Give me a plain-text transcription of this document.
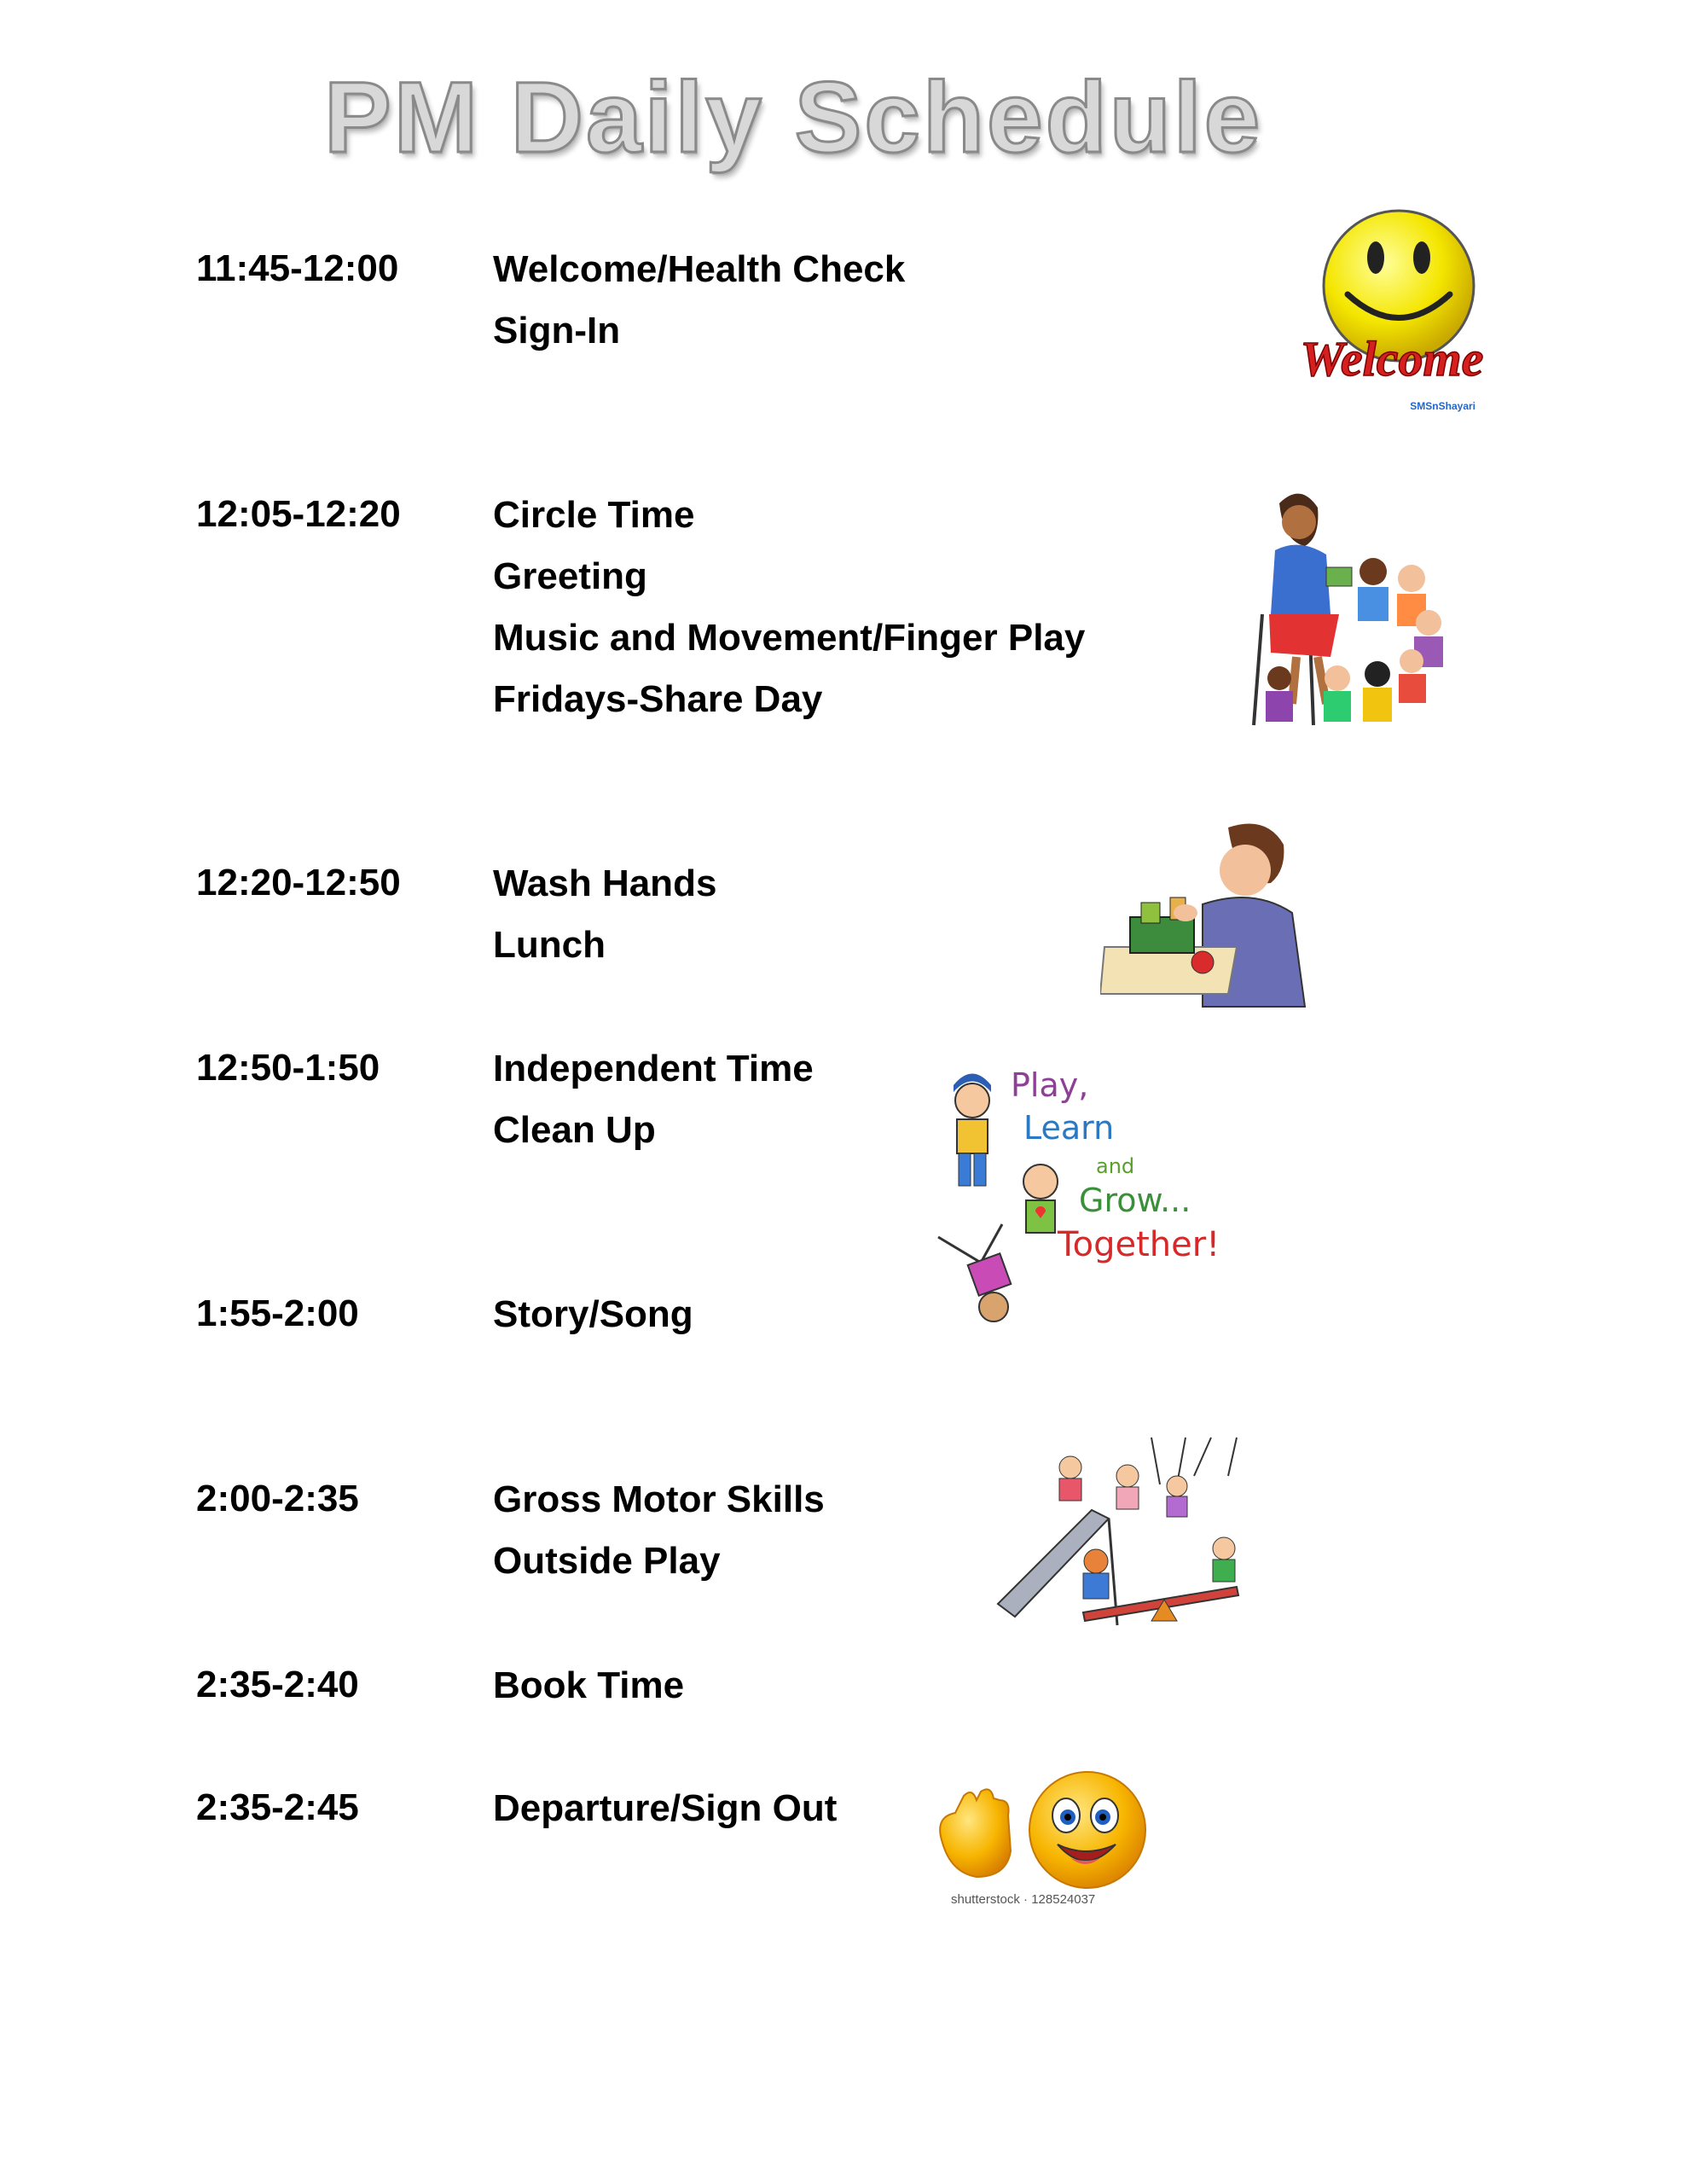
PM Daily Schedule
11:45-12:00	Welcome/Health Check
Sign-In
12:05-12:20 Circle Time
Greeting
Music and Movement/Finger Play
Fridays-Share Day
12:20-12:50 Wash Hands
Lunch
12:50-1:50	Independent Time
Clean Up
1:55-2:00	Story/Song
2:00-2:35	Gross Motor Skills
Outside Play
2:35-2:40	Book Time
2:35-2:45	Departure/Sign Out
Welcome
SMSnShayari
Play,
Learn
and
Grow...
Together!
shutterstock · 128524037
